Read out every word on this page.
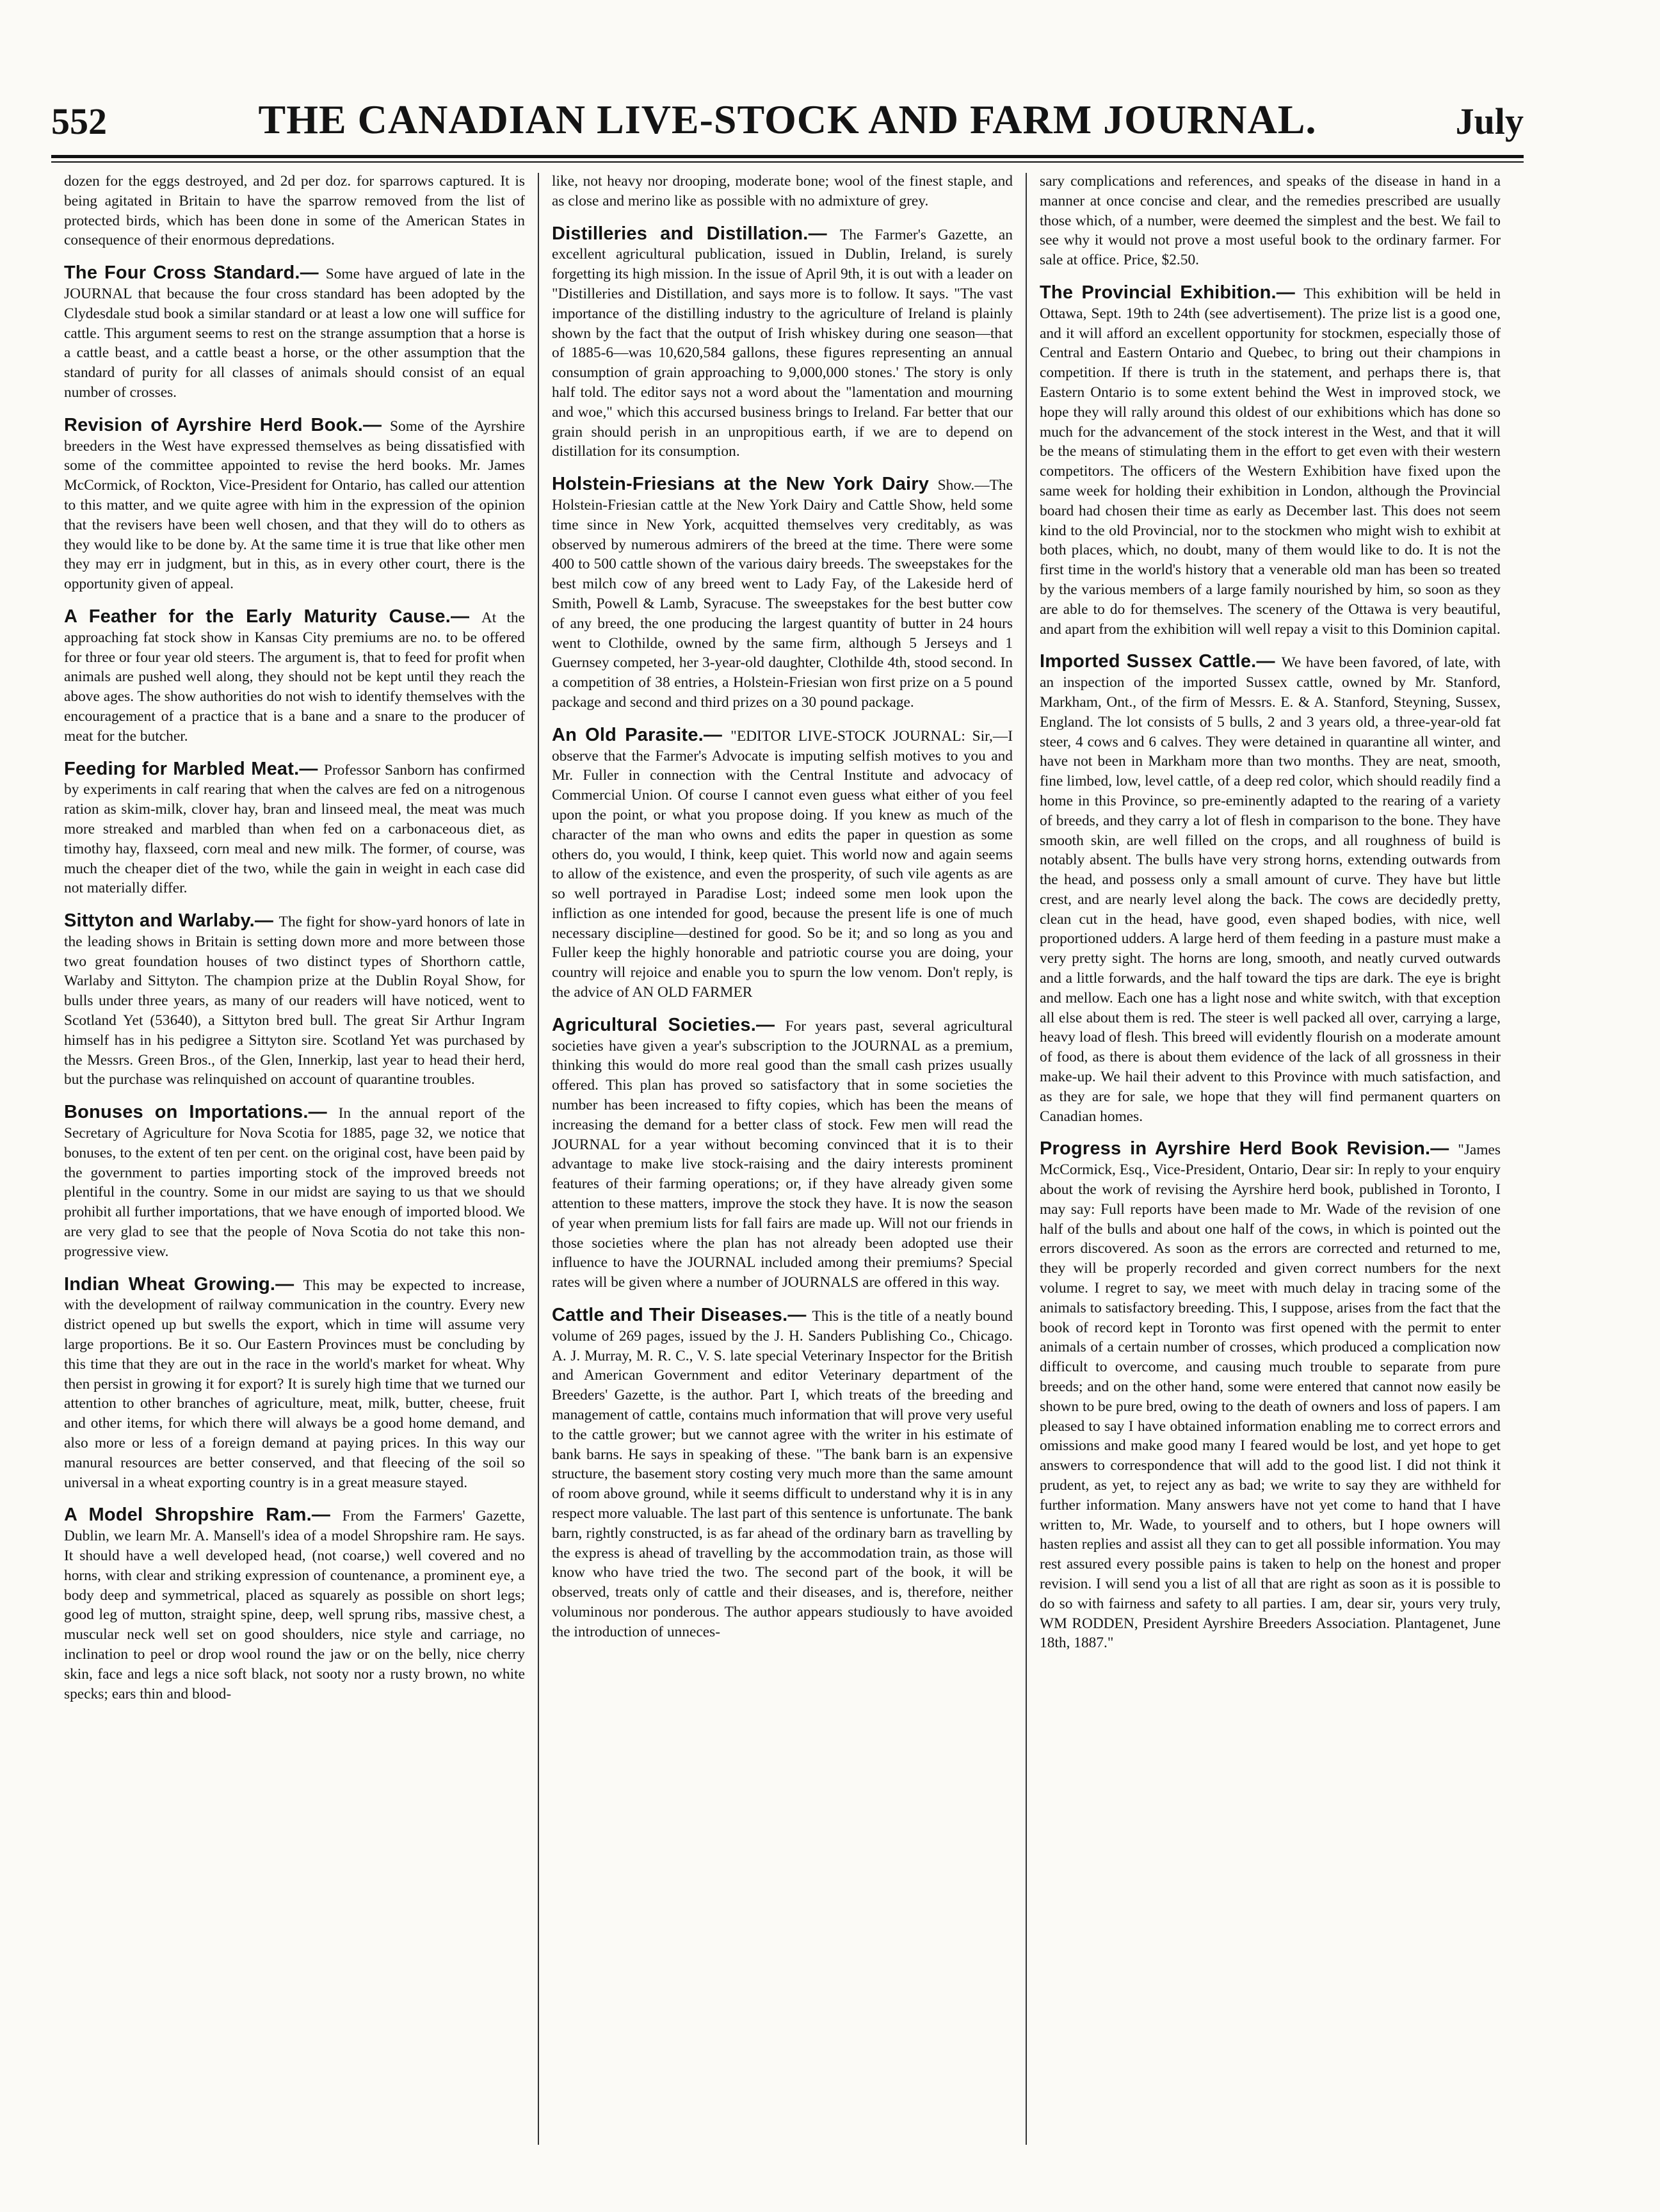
552	THE CANADIAN LIVE-STOCK AND FARM JOURNAL.	July

dozen for the eggs destroyed, and 2d per doz. for sparrows captured. It is being agitated in Britain to have the sparrow removed from the list of protected birds, which has been done in some of the American States in consequence of their enormous depredations.

The Four Cross Standard.— Some have argued of late in the JOURNAL that because the four cross standard has been adopted by the Clydesdale stud book a similar standard or at least a low one will suffice for cattle. This argument seems to rest on the strange assumption that a horse is a cattle beast, and a cattle beast a horse, or the other assumption that the standard of purity for all classes of animals should consist of an equal number of crosses.

Revision of Ayrshire Herd Book.— Some of the Ayrshire breeders in the West have expressed themselves as being dissatisfied with some of the committee appointed to revise the herd books. Mr. James McCormick, of Rockton, Vice-President for Ontario, has called our attention to this matter, and we quite agree with him in the expression of the opinion that the revisers have been well chosen, and that they will do to others as they would like to be done by. At the same time it is true that like other men they may err in judgment, but in this, as in every other court, there is the opportunity given of appeal.

A Feather for the Early Maturity Cause.— At the approaching fat stock show in Kansas City premiums are no. to be offered for three or four year old steers. The argument is, that to feed for profit when animals are pushed well along, they should not be kept until they reach the above ages. The show authorities do not wish to identify themselves with the encouragement of a practice that is a bane and a snare to the producer of meat for the butcher.

Feeding for Marbled Meat.— Professor Sanborn has confirmed by experiments in calf rearing that when the calves are fed on a nitrogenous ration as skim-milk, clover hay, bran and linseed meal, the meat was much more streaked and marbled than when fed on a carbonaceous diet, as timothy hay, flaxseed, corn meal and new milk. The former, of course, was much the cheaper diet of the two, while the gain in weight in each case did not materially differ.

Sittyton and Warlaby.— The fight for show-yard honors of late in the leading shows in Britain is setting down more and more between those two great foundation houses of two distinct types of Shorthorn cattle, Warlaby and Sittyton. The champion prize at the Dublin Royal Show, for bulls under three years, as many of our readers will have noticed, went to Scotland Yet (53640), a Sittyton bred bull. The great Sir Arthur Ingram himself has in his pedigree a Sittyton sire. Scotland Yet was purchased by the Messrs. Green Bros., of the Glen, Innerkip, last year to head their herd, but the purchase was relinquished on account of quarantine troubles.

Bonuses on Importations.— In the annual report of the Secretary of Agriculture for Nova Scotia for 1885, page 32, we notice that bonuses, to the extent of ten per cent. on the original cost, have been paid by the government to parties importing stock of the improved breeds not plentiful in the country. Some in our midst are saying to us that we should prohibit all further importations, that we have enough of imported blood. We are very glad to see that the people of Nova Scotia do not take this non-progressive view.

Indian Wheat Growing.— This may be expected to increase, with the development of railway communication in the country. Every new district opened up but swells the export, which in time will assume very large proportions. Be it so. Our Eastern Provinces must be concluding by this time that they are out in the race in the world's market for wheat. Why then persist in growing it for export? It is surely high time that we turned our attention to other branches of agriculture, meat, milk, butter, cheese, fruit and other items, for which there will always be a good home demand, and also more or less of a foreign demand at paying prices. In this way our manural resources are better conserved, and that fleecing of the soil so universal in a wheat exporting country is in a great measure stayed.

A Model Shropshire Ram.— From the Farmers' Gazette, Dublin, we learn Mr. A. Mansell's idea of a model Shropshire ram. He says. It should have a well developed head, (not coarse,) well covered and no horns, with clear and striking expression of countenance, a prominent eye, a body deep and symmetrical, placed as squarely as possible on short legs; good leg of mutton, straight spine, deep, well sprung ribs, massive chest, a muscular neck well set on good shoulders, nice style and carriage, no inclination to peel or drop wool round the jaw or on the belly, nice cherry skin, face and legs a nice soft black, not sooty nor a rusty brown, no white specks; ears thin and blood-

like, not heavy nor drooping, moderate bone; wool of the finest staple, and as close and merino like as possible with no admixture of grey.

Distilleries and Distillation.— The Farmer's Gazette, an excellent agricultural publication, issued in Dublin, Ireland, is surely forgetting its high mission. In the issue of April 9th, it is out with a leader on "Distilleries and Distillation, and says more is to follow. It says. "The vast importance of the distilling industry to the agriculture of Ireland is plainly shown by the fact that the output of Irish whiskey during one season—that of 1885-6—was 10,620,584 gallons, these figures representing an annual consumption of grain approaching to 9,000,000 stones.' The story is only half told. The editor says not a word about the "lamentation and mourning and woe," which this accursed business brings to Ireland. Far better that our grain should perish in an unpropitious earth, if we are to depend on distillation for its consumption.

Holstein-Friesians at the New York Dairy Show.—The Holstein-Friesian cattle at the New York Dairy and Cattle Show, held some time since in New York, acquitted themselves very creditably, as was observed by numerous admirers of the breed at the time. There were some 400 to 500 cattle shown of the various dairy breeds. The sweepstakes for the best milch cow of any breed went to Lady Fay, of the Lakeside herd of Smith, Powell & Lamb, Syracuse. The sweepstakes for the best butter cow of any breed, the one producing the largest quantity of butter in 24 hours went to Clothilde, owned by the same firm, although 5 Jerseys and 1 Guernsey competed, her 3-year-old daughter, Clothilde 4th, stood second. In a competition of 38 entries, a Holstein-Friesian won first prize on a 5 pound package and second and third prizes on a 30 pound package.

An Old Parasite.— "EDITOR LIVE-STOCK JOURNAL: Sir,—I observe that the Farmer's Advocate is imputing selfish motives to you and Mr. Fuller in connection with the Central Institute and advocacy of Commercial Union. Of course I cannot even guess what either of you feel upon the point, or what you propose doing. If you knew as much of the character of the man who owns and edits the paper in question as some others do, you would, I think, keep quiet. This world now and again seems to allow of the existence, and even the prosperity, of such vile agents as are so well portrayed in Paradise Lost; indeed some men look upon the infliction as one intended for good, because the present life is one of much necessary discipline—destined for good. So be it; and so long as you and Fuller keep the highly honorable and patriotic course you are doing, your country will rejoice and enable you to spurn the low venom. Don't reply, is the advice of AN OLD FARMER

Agricultural Societies.— For years past, several agricultural societies have given a year's subscription to the JOURNAL as a premium, thinking this would do more real good than the small cash prizes usually offered. This plan has proved so satisfactory that in some societies the number has been increased to fifty copies, which has been the means of increasing the demand for a better class of stock. Few men will read the JOURNAL for a year without becoming convinced that it is to their advantage to make live stock-raising and the dairy interests prominent features of their farming operations; or, if they have already given some attention to these matters, improve the stock they have. It is now the season of year when premium lists for fall fairs are made up. Will not our friends in those societies where the plan has not already been adopted use their influence to have the JOURNAL included among their premiums? Special rates will be given where a number of JOURNALS are offered in this way.

Cattle and Their Diseases.— This is the title of a neatly bound volume of 269 pages, issued by the J. H. Sanders Publishing Co., Chicago. A. J. Murray, M. R. C., V. S. late special Veterinary Inspector for the British and American Government and editor Veterinary department of the Breeders' Gazette, is the author. Part I, which treats of the breeding and management of cattle, contains much information that will prove very useful to the cattle grower; but we cannot agree with the writer in his estimate of bank barns. He says in speaking of these. "The bank barn is an expensive structure, the basement story costing very much more than the same amount of room above ground, while it seems difficult to understand why it is in any respect more valuable. The last part of this sentence is unfortunate. The bank barn, rightly constructed, is as far ahead of the ordinary barn as travelling by the express is ahead of travelling by the accommodation train, as those will know who have tried the two. The second part of the book, it will be observed, treats only of cattle and their diseases, and is, therefore, neither voluminous nor ponderous. The author appears studiously to have avoided the introduction of unneces-

sary complications and references, and speaks of the disease in hand in a manner at once concise and clear, and the remedies prescribed are usually those which, of a number, were deemed the simplest and the best. We fail to see why it would not prove a most useful book to the ordinary farmer. For sale at office. Price, $2.50.

The Provincial Exhibition.— This exhibition will be held in Ottawa, Sept. 19th to 24th (see advertisement). The prize list is a good one, and it will afford an excellent opportunity for stockmen, especially those of Central and Eastern Ontario and Quebec, to bring out their champions in competition. If there is truth in the statement, and perhaps there is, that Eastern Ontario is to some extent behind the West in improved stock, we hope they will rally around this oldest of our exhibitions which has done so much for the advancement of the stock interest in the West, and that it will be the means of stimulating them in the effort to get even with their western competitors. The officers of the Western Exhibition have fixed upon the same week for holding their exhibition in London, although the Provincial board had chosen their time as early as December last. This does not seem kind to the old Provincial, nor to the stockmen who might wish to exhibit at both places, which, no doubt, many of them would like to do. It is not the first time in the world's history that a venerable old man has been so treated by the various members of a large family nourished by him, so soon as they are able to do for themselves. The scenery of the Ottawa is very beautiful, and apart from the exhibition will well repay a visit to this Dominion capital.

Imported Sussex Cattle.— We have been favored, of late, with an inspection of the imported Sussex cattle, owned by Mr. Stanford, Markham, Ont., of the firm of Messrs. E. & A. Stanford, Steyning, Sussex, England. The lot consists of 5 bulls, 2 and 3 years old, a three-year-old fat steer, 4 cows and 6 calves. They were detained in quarantine all winter, and have not been in Markham more than two months. They are neat, smooth, fine limbed, low, level cattle, of a deep red color, which should readily find a home in this Province, so pre-eminently adapted to the rearing of a variety of breeds, and they carry a lot of flesh in comparison to the bone. They have smooth skin, are well filled on the crops, and all roughness of build is notably absent. The bulls have very strong horns, extending outwards from the head, and possess only a small amount of curve. They have but little crest, and are nearly level along the back. The cows are decidedly pretty, clean cut in the head, have good, even shaped bodies, with nice, well proportioned udders. A large herd of them feeding in a pasture must make a very pretty sight. The horns are long, smooth, and neatly curved outwards and a little forwards, and the half toward the tips are dark. The eye is bright and mellow. Each one has a light nose and white switch, with that exception all else about them is red. The steer is well packed all over, carrying a large, heavy load of flesh. This breed will evidently flourish on a moderate amount of food, as there is about them evidence of the lack of all grossness in their make-up. We hail their advent to this Province with much satisfaction, and as they are for sale, we hope that they will find permanent quarters on Canadian homes.

Progress in Ayrshire Herd Book Revision.— "James McCormick, Esq., Vice-President, Ontario, Dear sir: In reply to your enquiry about the work of revising the Ayrshire herd book, published in Toronto, I may say: Full reports have been made to Mr. Wade of the revision of one half of the bulls and about one half of the cows, in which is pointed out the errors discovered. As soon as the errors are corrected and returned to me, they will be properly recorded and given correct numbers for the next volume. I regret to say, we meet with much delay in tracing some of the animals to satisfactory breeding. This, I suppose, arises from the fact that the book of record kept in Toronto was first opened with the permit to enter animals of a certain number of crosses, which produced a complication now difficult to overcome, and causing much trouble to separate from pure breeds; and on the other hand, some were entered that cannot now easily be shown to be pure bred, owing to the death of owners and loss of papers. I am pleased to say I have obtained information enabling me to correct errors and omissions and make good many I feared would be lost, and yet hope to get answers to correspondence that will add to the good list. I did not think it prudent, as yet, to reject any as bad; we write to say they are withheld for further information. Many answers have not yet come to hand that I have written to, Mr. Wade, to yourself and to others, but I hope owners will hasten replies and assist all they can to get all possible information. You may rest assured every possible pains is taken to help on the honest and proper revision. I will send you a list of all that are right as soon as it is possible to do so with fairness and safety to all parties. I am, dear sir, yours very truly, WM RODDEN, President Ayrshire Breeders Association. Plantagenet, June 18th, 1887."
